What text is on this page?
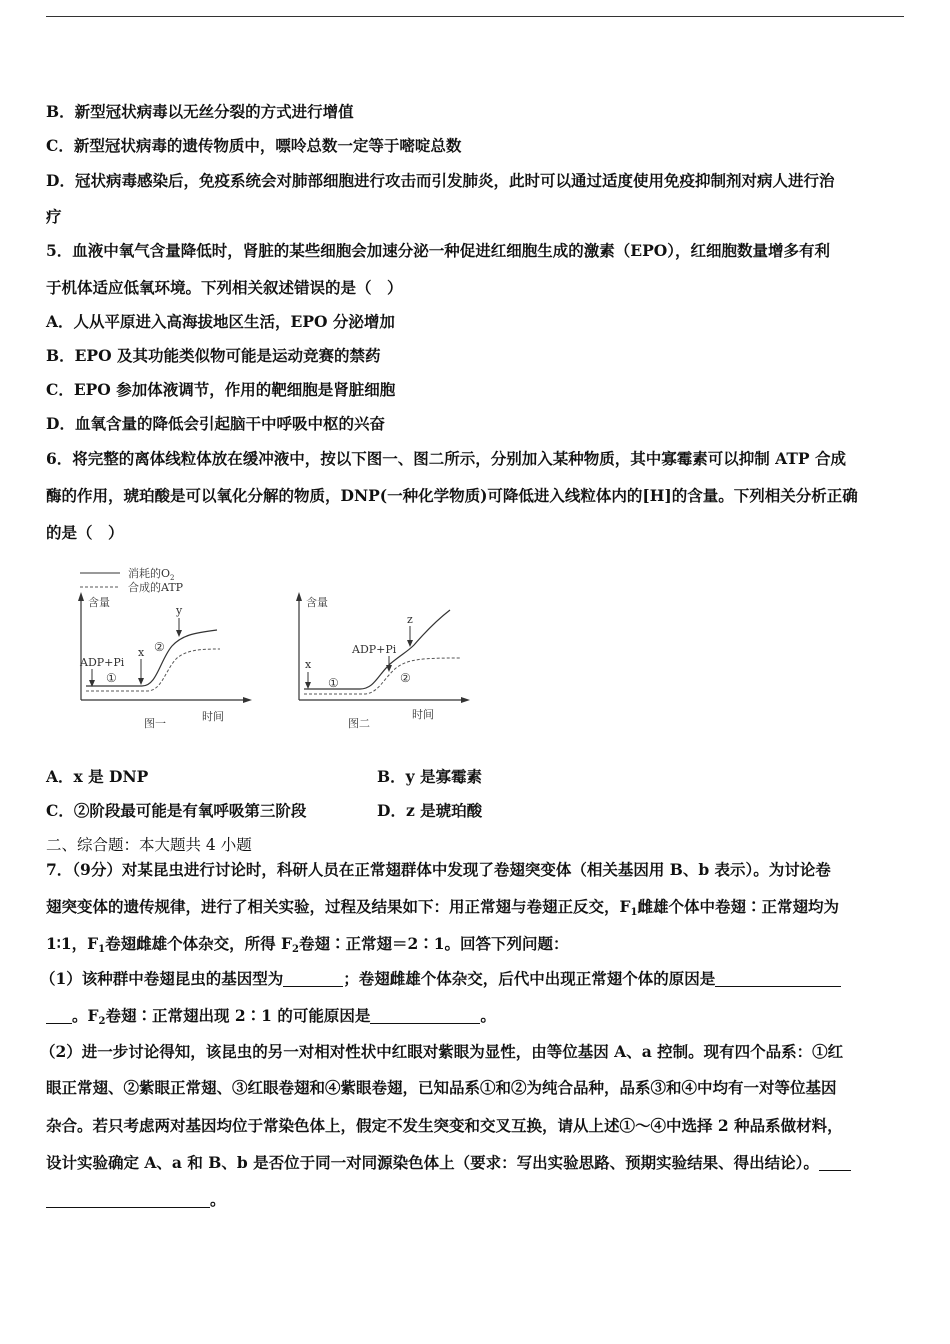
B．新型冠状病毒以无丝分裂的方式进行增值
C．新型冠状病毒的遗传物质中，嘌呤总数一定等于嘧啶总数
D．冠状病毒感染后，免疫系统会对肺部细胞进行攻击而引发肺炎，此时可以通过适度使用免疫抑制剂对病人进行治
疗
5．血液中氧气含量降低时，肾脏的某些细胞会加速分泌一种促进红细胞生成的激素（EPO），红细胞数量增多有利
于机体适应低氧环境。下列相关叙述错误的是（　）
A．人从平原进入高海拔地区生活，EPO 分泌增加
B．EPO 及其功能类似物可能是运动竞赛的禁药
C．EPO 参加体液调节，作用的靶细胞是肾脏细胞
D．血氧含量的降低会引起脑干中呼吸中枢的兴奋
6．将完整的离体线粒体放在缓冲液中，按以下图一、图二所示，分别加入某种物质，其中寡霉素可以抑制 ATP 合成
酶的作用，琥珀酸是可以氧化分解的物质，DNP(一种化学物质)可降低进入线粒体内的[H]的含量。下列相关分析正确
的是（　）
消耗的$O_2$
合成的ATP
含量
ADP+Pi
①
x ②
y
时间
图一
含量
x
①
ADP+Pi
②
z
时间
图二
A．x 是 DNP	B．y 是寡霉素
C．②阶段最可能是有氧呼吸第三阶段	D．z 是琥珀酸
二、综合题：本大题共 4 小题
7．（9分）对某昆虫进行讨论时，科研人员在正常翅群体中发现了卷翅突变体（相关基因用 B、b 表示）。为讨论卷
翅突变体的遗传规律，进行了相关实验，过程及结果如下：用正常翅与卷翅正反交，$F_1$雌雄个体中卷翅∶正常翅均为
1∶1，$F_1$卷翅雌雄个体杂交，所得 $F_2$卷翅∶正常翅＝2∶1。回答下列问题：
（1）该种群中卷翅昆虫的基因型为	；卷翅雌雄个体杂交，后代中出现正常翅个体的原因是
。$F_2$卷翅∶正常翅出现 2∶1 的可能原因是	。
（2）进一步讨论得知，该昆虫的另一对相对性状中红眼对紫眼为显性，由等位基因 A、a 控制。现有四个品系：①红
眼正常翅、②紫眼正常翅、③红眼卷翅和④紫眼卷翅，已知品系①和②为纯合品种，品系③和④中均有一对等位基因
杂合。若只考虑两对基因均位于常染色体上，假定不发生突变和交叉互换，请从上述①～④中选择 2 种品系做材料，
设计实验确定 A、a 和 B、b 是否位于同一对同源染色体上（要求：写出实验思路、预期实验结果、得出结论）。
。
